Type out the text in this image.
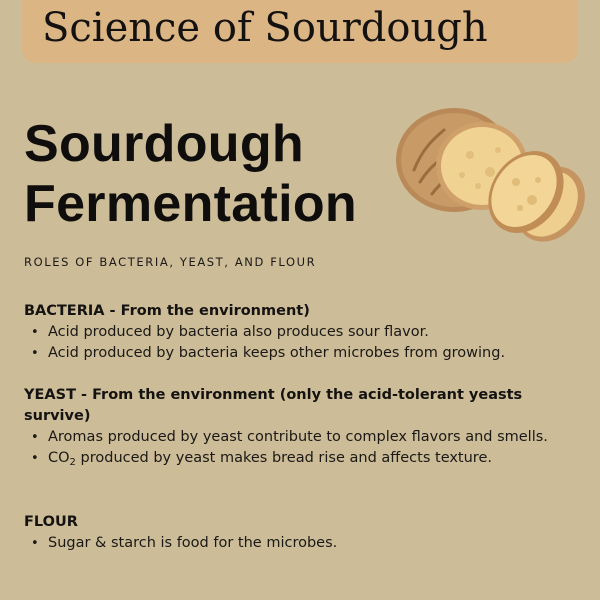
Science of Sourdough
Sourdough
Fermentation
ROLES OF BACTERIA, YEAST, AND FLOUR
BACTERIA - From the environment)
• Acid produced by bacteria also produces sour flavor.
• Acid produced by bacteria keeps other microbes from growing.
YEAST - From the environment (only the acid-tolerant yeasts survive)
• Aromas produced by yeast contribute to complex flavors and smells.
• $CO_2$ produced by yeast makes bread rise and affects texture.
FLOUR
• Sugar & starch is food for the microbes.
